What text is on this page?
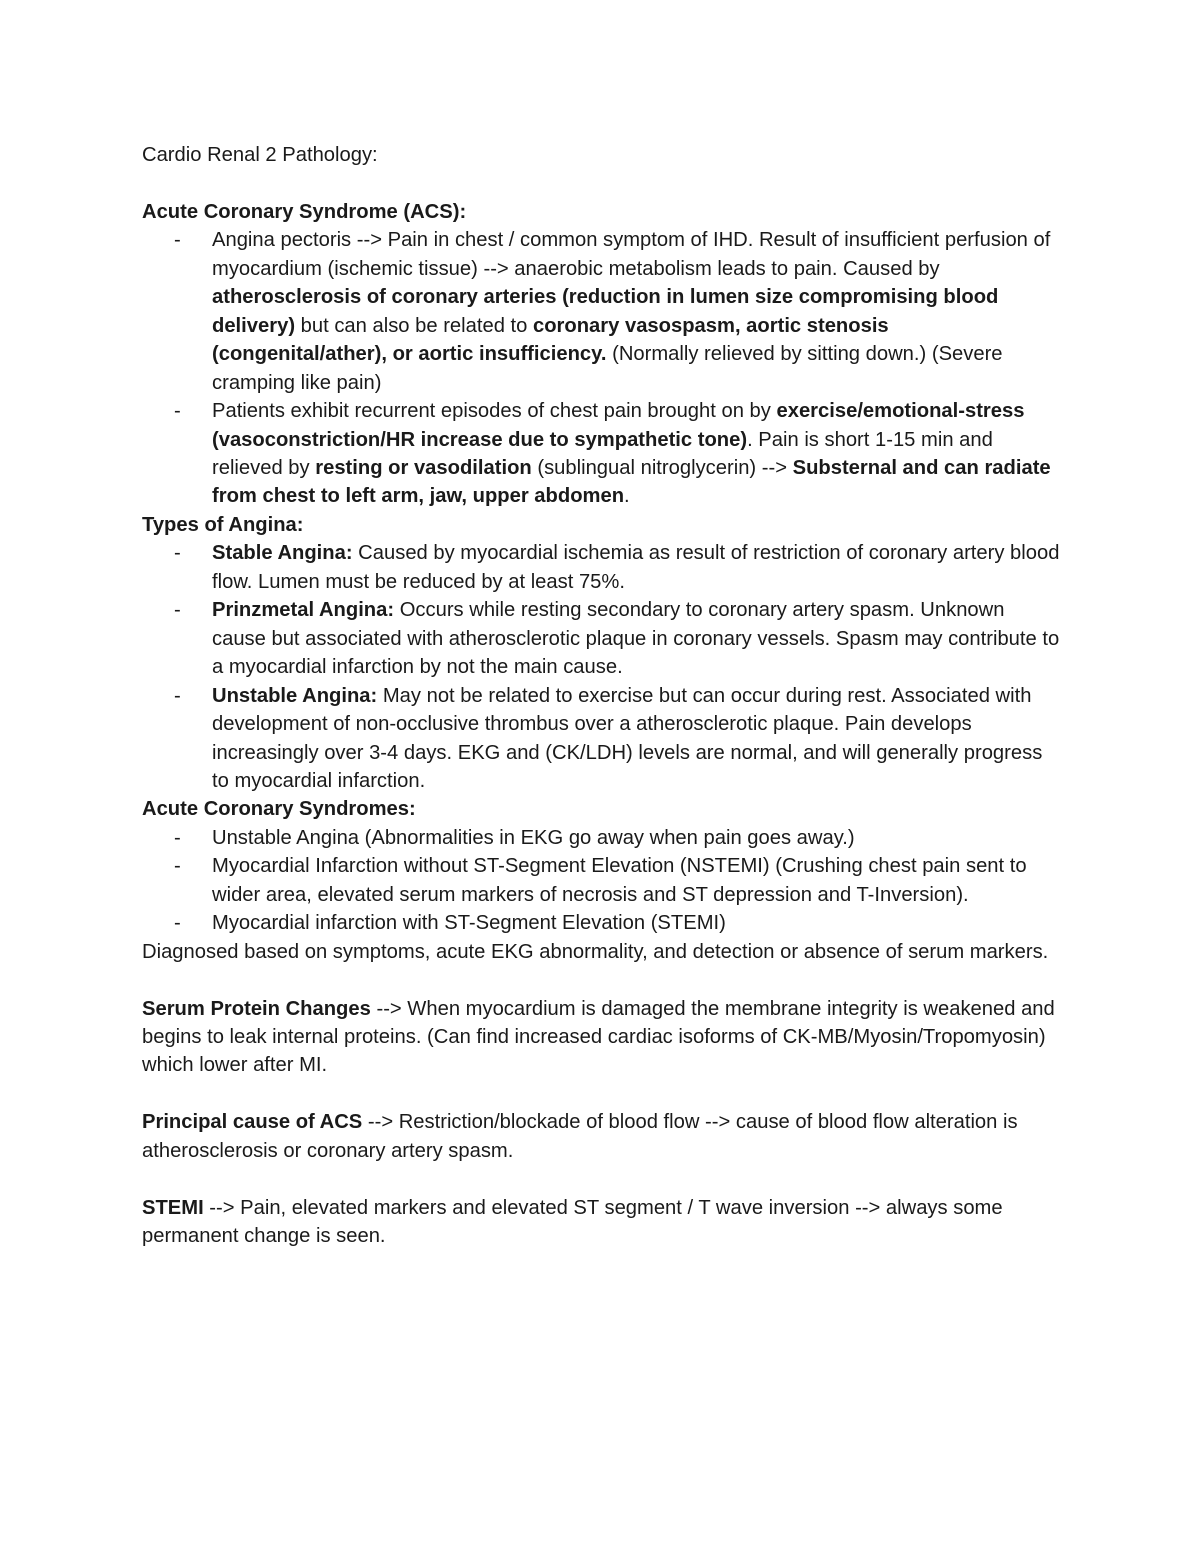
Cardio Renal 2 Pathology:

Acute Coronary Syndrome (ACS):

- Angina pectoris --> Pain in chest / common symptom of IHD. Result of insufficient perfusion of myocardium (ischemic tissue) --> anaerobic metabolism leads to pain. Caused by atherosclerosis of coronary arteries (reduction in lumen size compromising blood delivery) but can also be related to coronary vasospasm, aortic stenosis (congenital/ather), or aortic insufficiency. (Normally relieved by sitting down.) (Severe cramping like pain)
- Patients exhibit recurrent episodes of chest pain brought on by exercise/emotional-stress (vasoconstriction/HR increase due to sympathetic tone). Pain is short 1-15 min and relieved by resting or vasodilation (sublingual nitroglycerin) --> Substernal and can radiate from chest to left arm, jaw, upper abdomen.

Types of Angina:

- Stable Angina: Caused by myocardial ischemia as result of restriction of coronary artery blood flow. Lumen must be reduced by at least 75%.
- Prinzmetal Angina: Occurs while resting secondary to coronary artery spasm. Unknown cause but associated with atherosclerotic plaque in coronary vessels. Spasm may contribute to a myocardial infarction by not the main cause.
- Unstable Angina: May not be related to exercise but can occur during rest. Associated with development of non-occlusive thrombus over a atherosclerotic plaque. Pain develops increasingly over 3-4 days. EKG and (CK/LDH) levels are normal, and will generally progress to myocardial infarction.

Acute Coronary Syndromes:

- Unstable Angina (Abnormalities in EKG go away when pain goes away.)
- Myocardial Infarction without ST-Segment Elevation (NSTEMI) (Crushing chest pain sent to wider area, elevated serum markers of necrosis and ST depression and T-Inversion).
- Myocardial infarction with ST-Segment Elevation (STEMI)

Diagnosed based on symptoms, acute EKG abnormality, and detection or absence of serum markers.

Serum Protein Changes --> When myocardium is damaged the membrane integrity is weakened and begins to leak internal proteins. (Can find increased cardiac isoforms of CK-MB/Myosin/Tropomyosin) which lower after MI.

Principal cause of ACS --> Restriction/blockade of blood flow --> cause of blood flow alteration is atherosclerosis or coronary artery spasm.

STEMI --> Pain, elevated markers and elevated ST segment / T wave inversion --> always some permanent change is seen.
